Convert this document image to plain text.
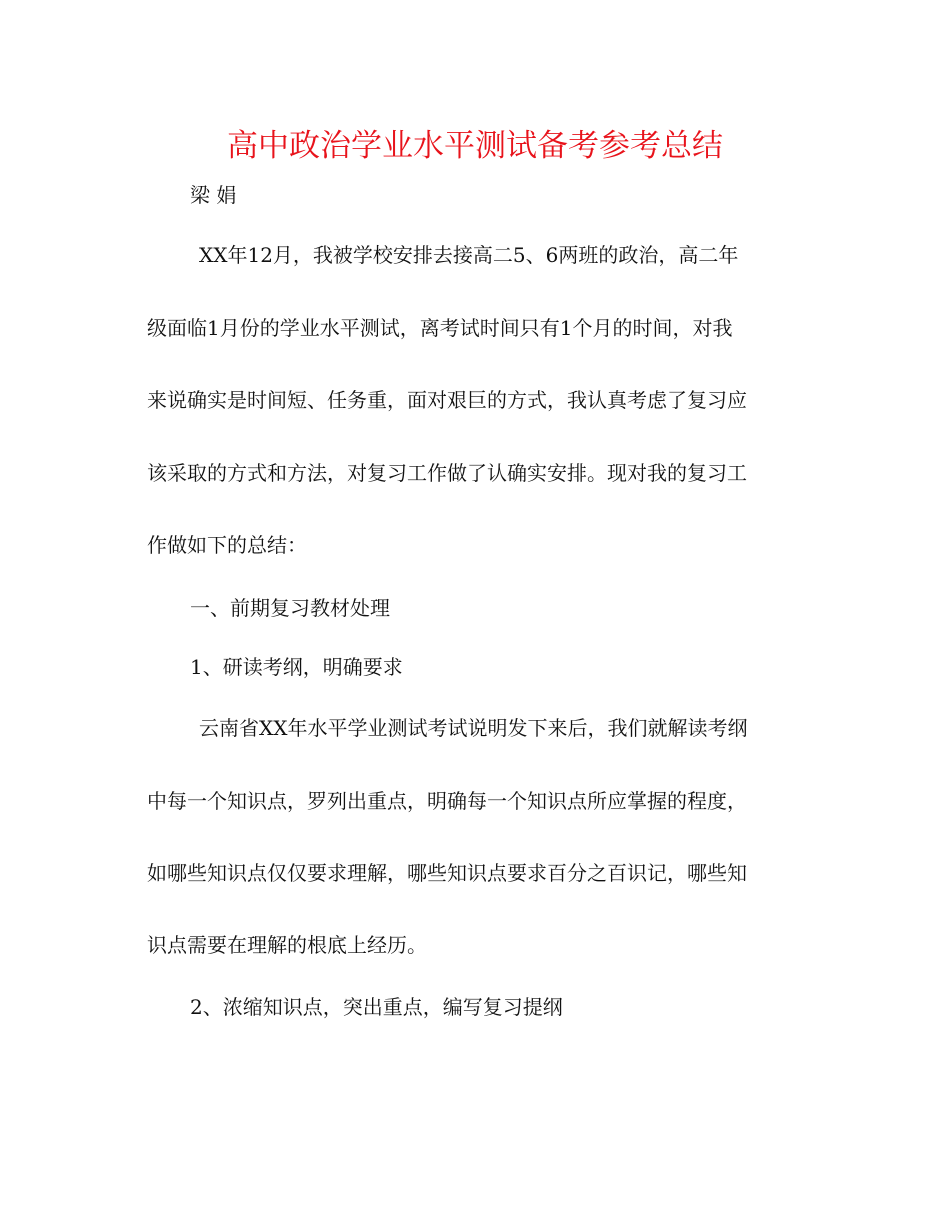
高中政治学业水平测试备考参考总结
梁 娟
XX年12月，我被学校安排去接高二5、6两班的政治，高二年
级面临1月份的学业水平测试，离考试时间只有1个月的时间，对我
来说确实是时间短、任务重，面对艰巨的方式，我认真考虑了复习应
该采取的方式和方法，对复习工作做了认确实安排。现对我的复习工
作做如下的总结：
一、前期复习教材处理
1、研读考纲，明确要求
云南省XX年水平学业测试考试说明发下来后，我们就解读考纲
中每一个知识点，罗列出重点，明确每一个知识点所应掌握的程度，
如哪些知识点仅仅要求理解，哪些知识点要求百分之百识记，哪些知
识点需要在理解的根底上经历。
2、浓缩知识点，突出重点，编写复习提纲
